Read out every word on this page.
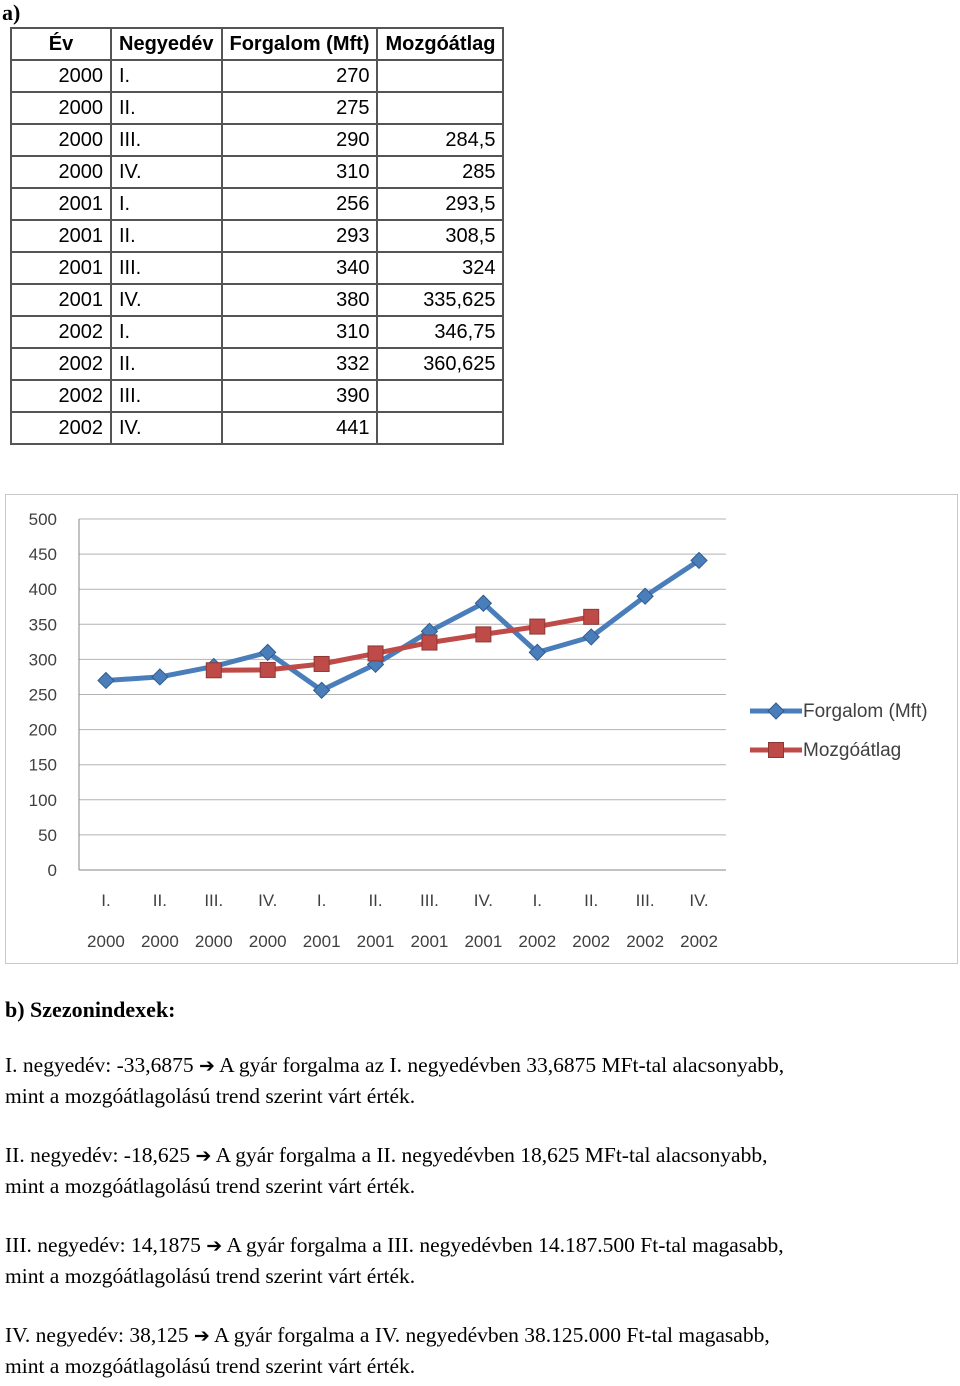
a)
Év	Negyedév	Forgalom (Mft)	Mozgóátlag
2000	I.	270	
2000	II.	275	
2000	III.	290	284,5
2000	IV.	310	285
2001	I.	256	293,5
2001	II.	293	308,5
2001	III.	340	324
2001	IV.	380	335,625
2002	I.	310	346,75
2002	II.	332	360,625
2002	III.	390	
2002	IV.	441	
0
50
100
150
200
250
300
350
400
450
500
I.
2000
II.
2000
III.
2000
IV.
2000
I.
2001
II.
2001
III.
2001
IV.
2001
I.
2002
II.
2002
III.
2002
IV.
2002
Forgalom (Mft)
Mozgóátlag
b) Szezonindexek:
I. negyedév: -33,6875 ➔ A gyár forgalma az I. negyedévben 33,6875 MFt-tal alacsonyabb,
mint a mozgóátlagolású trend szerint várt érték.
II. negyedév: -18,625 ➔ A gyár forgalma a II. negyedévben 18,625 MFt-tal alacsonyabb,
mint a mozgóátlagolású trend szerint várt érték.
III. negyedév: 14,1875 ➔ A gyár forgalma a III. negyedévben 14.187.500 Ft-tal magasabb,
mint a mozgóátlagolású trend szerint várt érték.
IV. negyedév: 38,125 ➔ A gyár forgalma a IV. negyedévben 38.125.000 Ft-tal magasabb,
mint a mozgóátlagolású trend szerint várt érték.
